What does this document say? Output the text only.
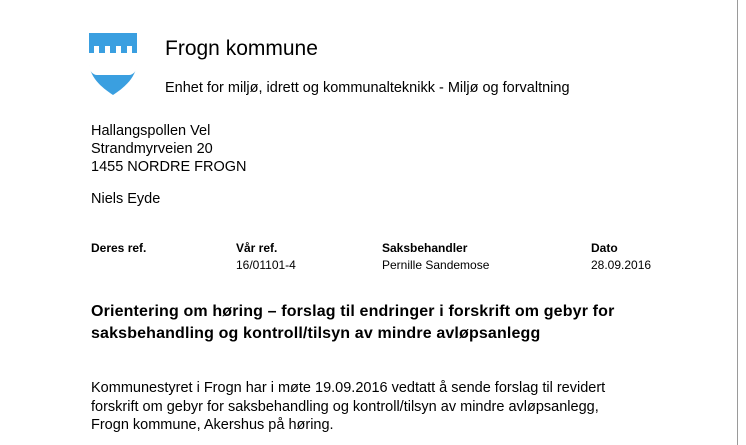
Frogn kommune
Enhet for miljø, idrett og kommunalteknikk - Miljø og forvaltning
Hallangspollen Vel
Strandmyrveien 20
1455 NORDRE FROGN
Niels Eyde
Deres ref.	Vår ref.
16/01101-4
Saksbehandler
Pernille Sandemose
Dato
28.09.2016
Orientering om høring – forslag til endringer i forskrift om gebyr for
saksbehandling og kontroll/tilsyn av mindre avløpsanlegg
Kommunestyret i Frogn har i møte 19.09.2016 vedtatt å sende forslag til revidert
forskrift om gebyr for saksbehandling og kontroll/tilsyn av mindre avløpsanlegg,
Frogn kommune, Akershus på høring.
